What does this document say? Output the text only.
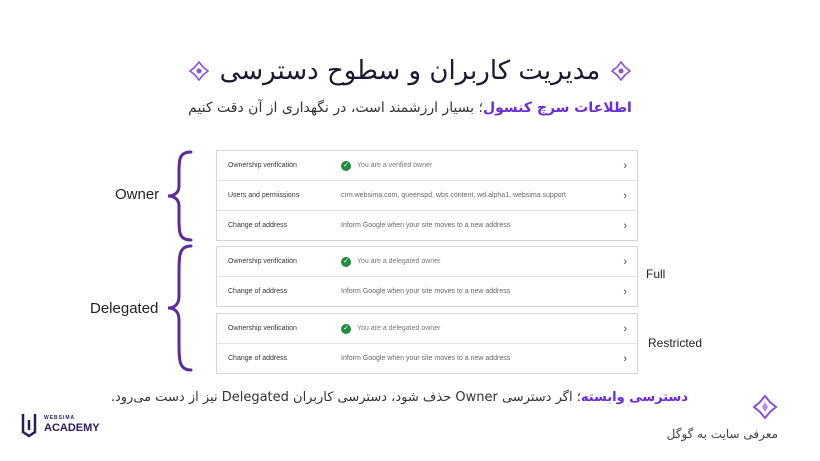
مدیریت کاربران و سطوح دسترسی
اطلاعات سرچ کنسول؛ بسیار ارزشمند است، در نگهداری از آن دقت کنیم
Owner
Ownership verification	✓ You are a verified owner	›
Users and permissions	crm.websima.com, queenspd, wbs.content, wd.alpha1, websima support	›
Change of address	Inform Google when your site moves to a new address	›
Delegated
Ownership verification	✓ You are a delegated owner	›
Change of address	Inform Google when your site moves to a new address	›
Full
Ownership verification	✓ You are a delegated owner	›
Change of address	Inform Google when your site moves to a new address	›
Restricted
دسترسی وابسته؛ اگر دسترسی Owner حذف شود، دسترسی کاربران Delegated نیز از دست می‌رود.
معرفی سایت به گوگل
WEBSIMA
ACADEMY
